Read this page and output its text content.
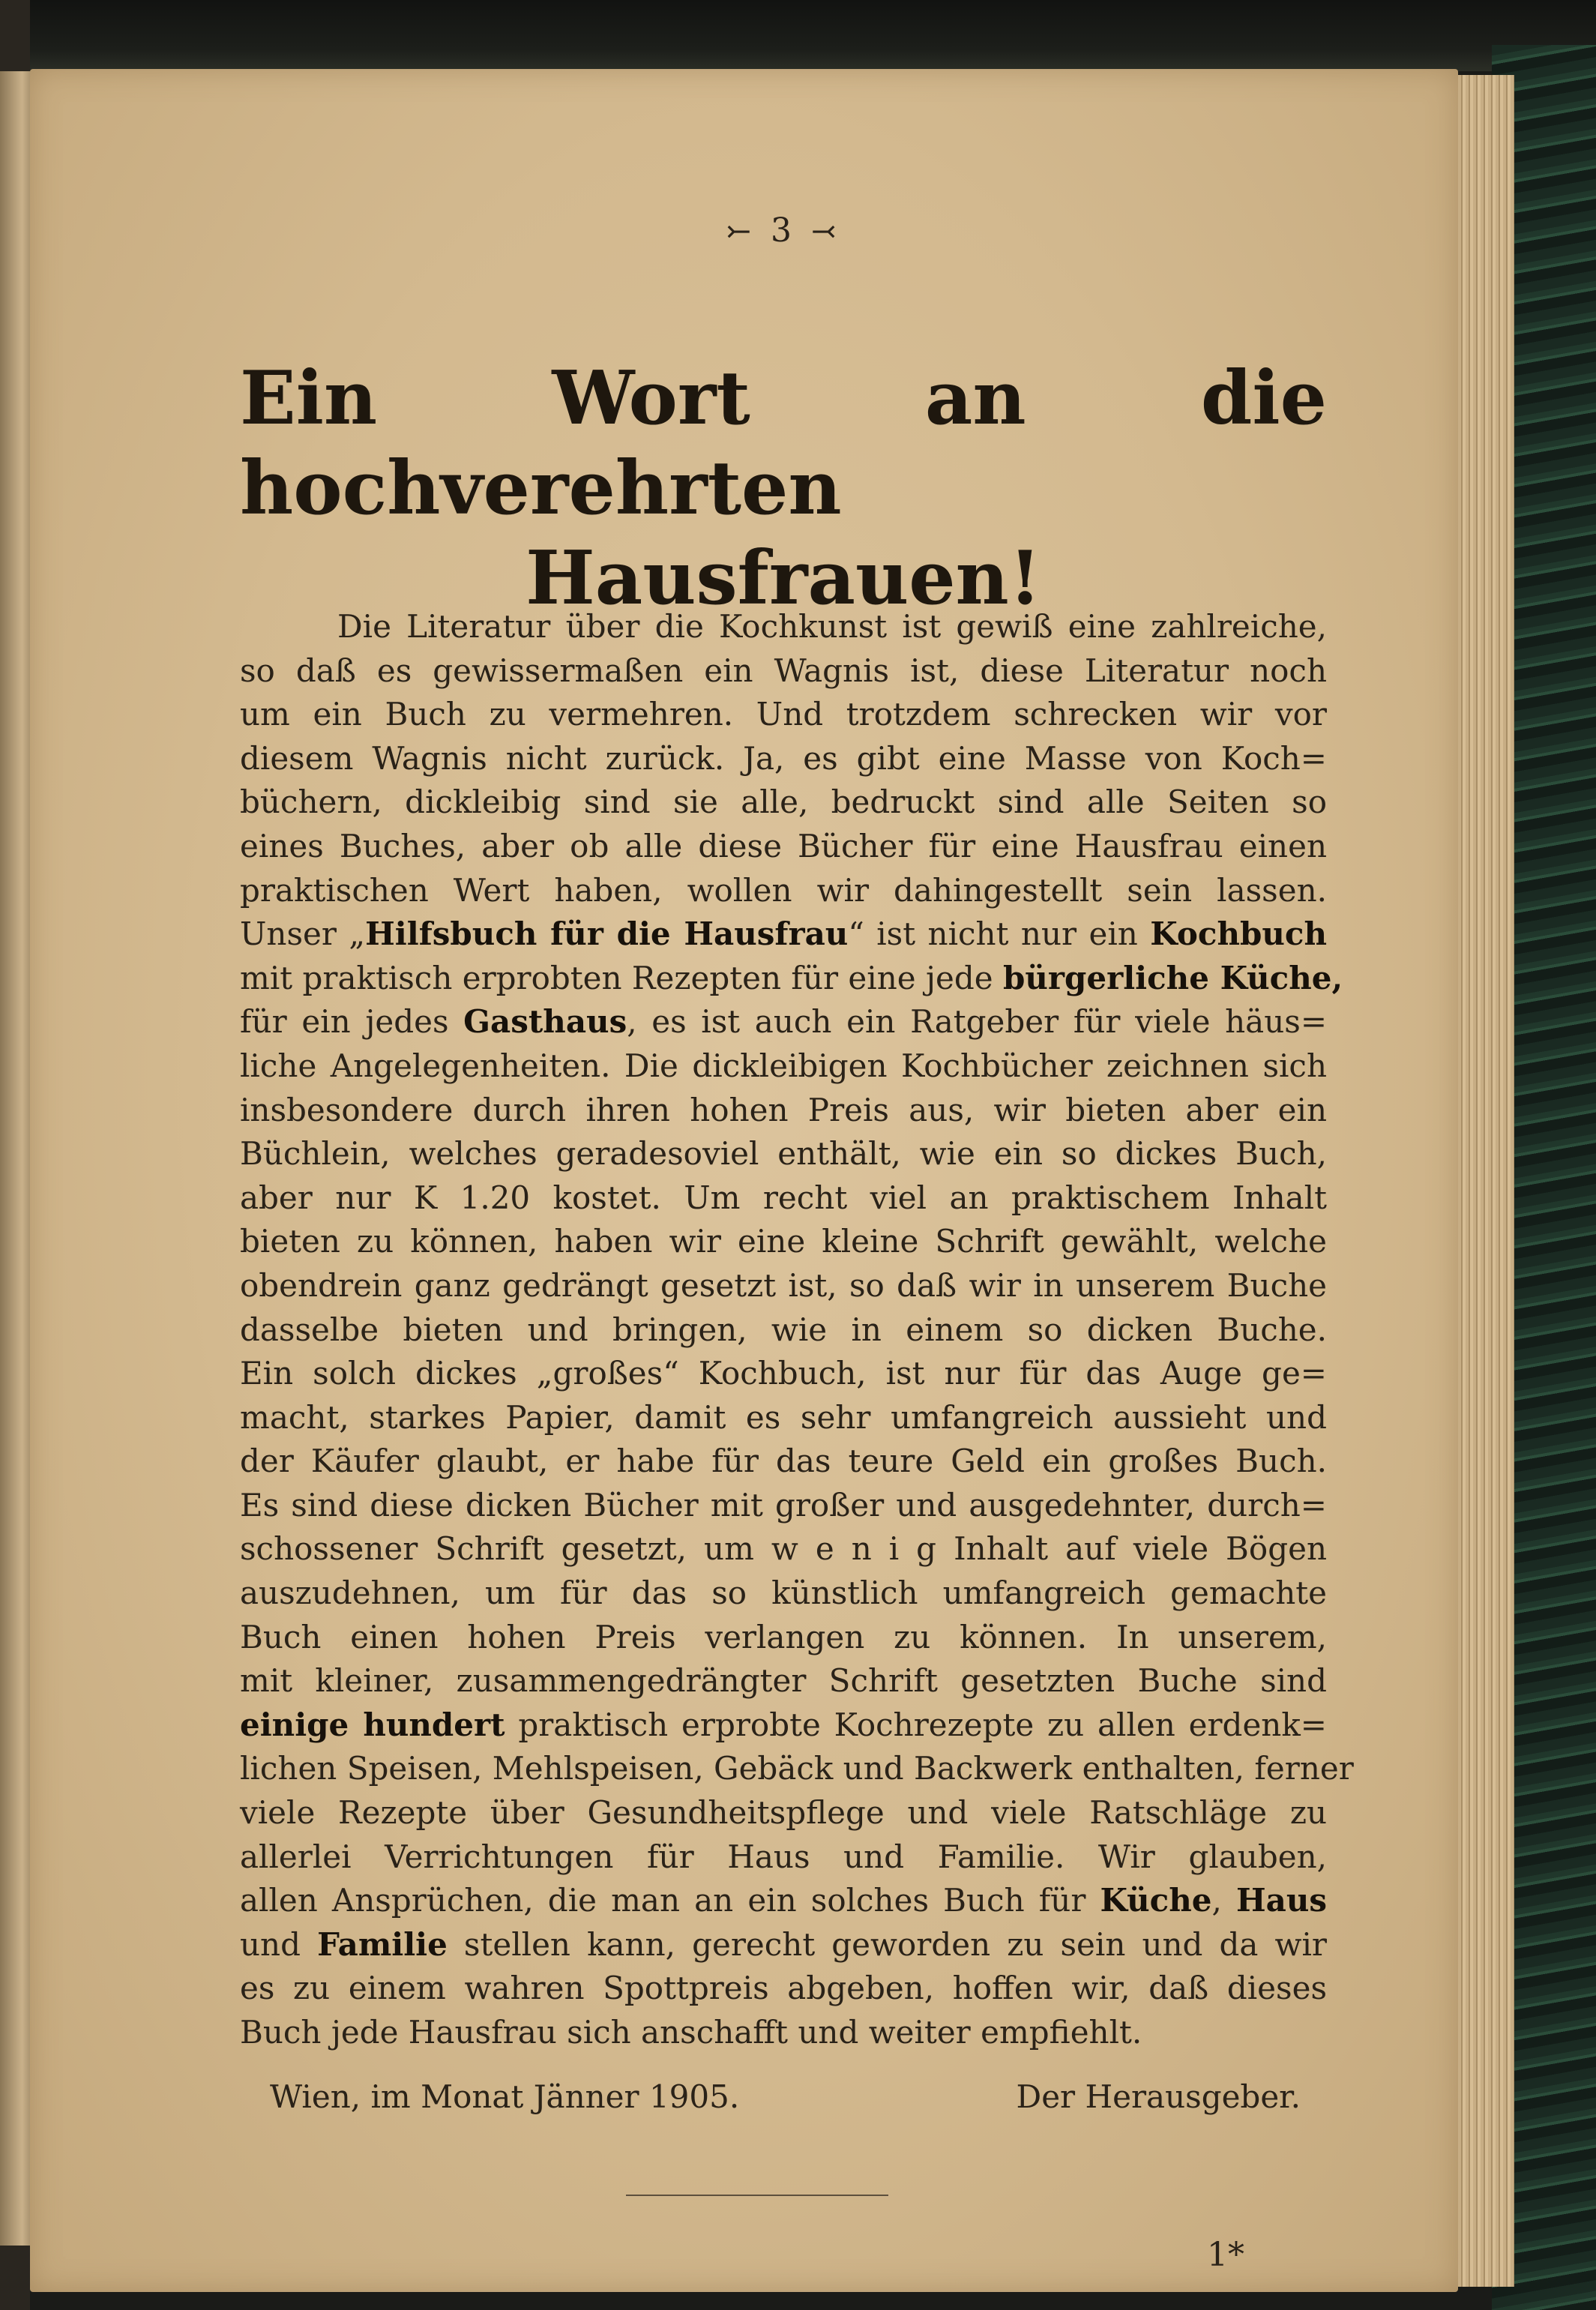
⤚ 3 ⤙
Ein Wort an die hochverehrten
Hausfrauen!
Die Literatur über die Kochkunst ist gewiß eine zahlreiche,
so daß es gewissermaßen ein Wagnis ist, diese Literatur noch
um ein Buch zu vermehren. Und trotzdem schrecken wir vor
diesem Wagnis nicht zurück. Ja, es gibt eine Masse von Koch=
büchern, dickleibig sind sie alle, bedruckt sind alle Seiten so
eines Buches, aber ob alle diese Bücher für eine Hausfrau einen
praktischen Wert haben, wollen wir dahingestellt sein lassen.
Unser „Hilfsbuch für die Hausfrau“ ist nicht nur ein Kochbuch
mit praktisch erprobten Rezepten für eine jede bürgerliche Küche,
für ein jedes Gasthaus, es ist auch ein Ratgeber für viele häus=
liche Angelegenheiten. Die dickleibigen Kochbücher zeichnen sich
insbesondere durch ihren hohen Preis aus, wir bieten aber ein
Büchlein, welches geradesoviel enthält, wie ein so dickes Buch,
aber nur K 1.20 kostet. Um recht viel an praktischem Inhalt
bieten zu können, haben wir eine kleine Schrift gewählt, welche
obendrein ganz gedrängt gesetzt ist, so daß wir in unserem Buche
dasselbe bieten und bringen, wie in einem so dicken Buche.
Ein solch dickes „großes“ Kochbuch, ist nur für das Auge ge=
macht, starkes Papier, damit es sehr umfangreich aussieht und
der Käufer glaubt, er habe für das teure Geld ein großes Buch.
Es sind diese dicken Bücher mit großer und ausgedehnter, durch=
schossener Schrift gesetzt, um w e n i g Inhalt auf viele Bögen
auszudehnen, um für das so künstlich umfangreich gemachte
Buch einen hohen Preis verlangen zu können. In unserem,
mit kleiner, zusammengedrängter Schrift gesetzten Buche sind
einige hundert praktisch erprobte Kochrezepte zu allen erdenk=
lichen Speisen, Mehlspeisen, Gebäck und Backwerk enthalten, ferner
viele Rezepte über Gesundheitspflege und viele Ratschläge zu
allerlei Verrichtungen für Haus und Familie. Wir glauben,
allen Ansprüchen, die man an ein solches Buch für Küche, Haus
und Familie stellen kann, gerecht geworden zu sein und da wir
es zu einem wahren Spottpreis abgeben, hoffen wir, daß dieses
Buch jede Hausfrau sich anschafft und weiter empfiehlt.
Wien, im Monat Jänner 1905.	Der Herausgeber.
1*
